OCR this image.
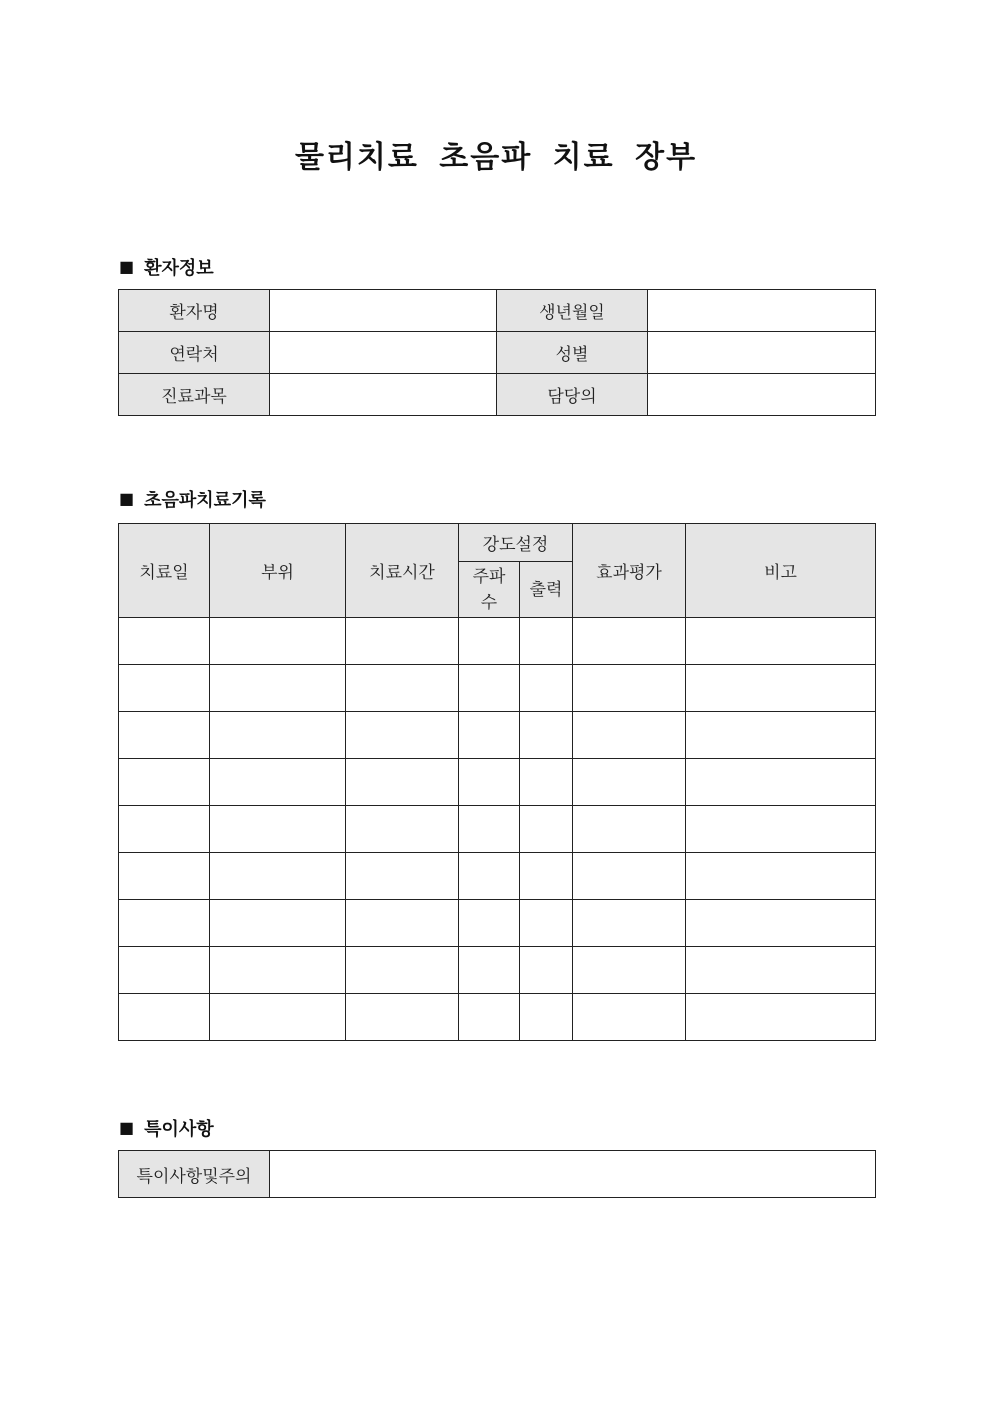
물리치료 초음파 치료 장부
■ 환자정보
환자명		생년월일	
연락처		성별	
진료과목		담당의	
■ 초음파치료기록
치료일	부위	치료시간	강도설정		효과평가	비고
			주파수	출력		

■ 특이사항
특이사항및주의	
